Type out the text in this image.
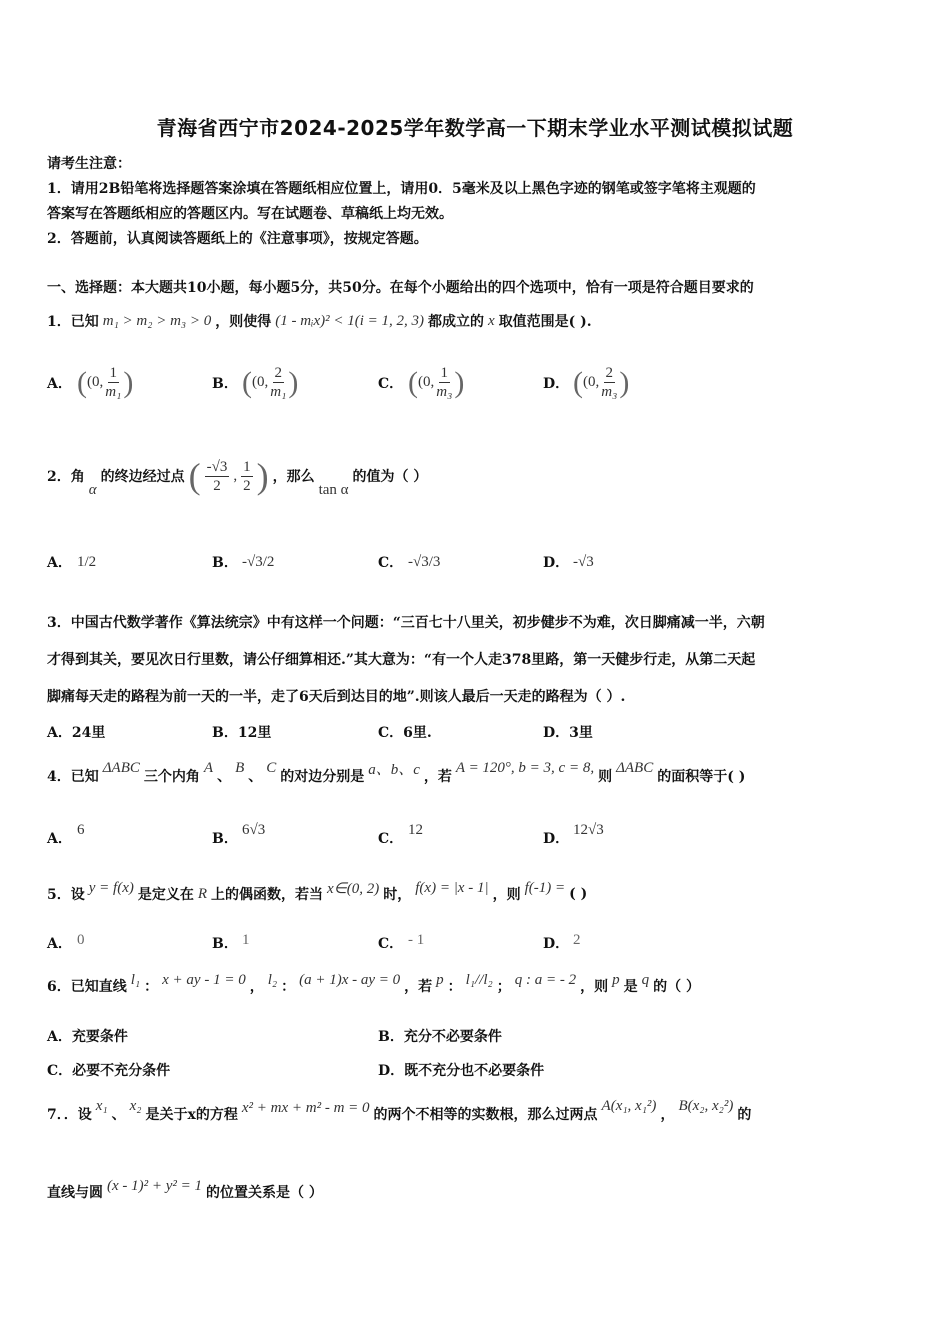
青海省西宁市2024-2025学年数学高一下期末学业水平测试模拟试题
请考生注意：
1．请用2B铅笔将选择题答案涂填在答题纸相应位置上，请用0．5毫米及以上黑色字迹的钢笔或签字笔将主观题的
答案写在答题纸相应的答题区内。写在试题卷、草稿纸上均无效。
2．答题前，认真阅读答题纸上的《注意事项》，按规定答题。
一、选择题：本大题共10小题，每小题5分，共50分。在每个小题给出的四个选项中，恰有一项是符合题目要求的
1．已知 m₁ > m₂ > m₃ > 0 ，则使得 (1 - mᵢx)² < 1(i = 1, 2, 3) 都成立的 x 取值范围是( ).
A． ( (0, $\frac{1}{\text{m₁}}$ )	B． ( (0, $\frac{2}{\text{m₁}}$ )	C． ( (0, $\frac{1}{\text{m₃}}$ )	D． ( (0, $\frac{2}{\text{m₃}}$ )
2．角
α
的终边经过点 ( $\frac{-√3}{2}$ , $\frac{1}{2}$ ) ，那么
tan α
的值为（ ）
A． 1/2	B． -√3/2	C． -√3/3	D． -√3
3．中国古代数学著作《算法统宗》中有这样一个问题：“三百七十八里关，初步健步不为难，次日脚痛减一半，六朝
才得到其关，要见次日行里数，请公仔细算相还.”其大意为：“有一个人走378里路，第一天健步行走，从第二天起
脚痛每天走的路程为前一天的一半，走了6天后到达目的地”.则该人最后一天走的路程为（ ）.
A．24里	B．12里	C．6里.	D．3里
4．已知
ΔABC
三个内角
A
、
B
、
C
的对边分别是 a、b、c ，若
A = 120°, b = 3, c = 8,
则
ΔABC
的面积等于( )
A．
6
B．
6√3
C．
12
D．
12√3
5．设 y = f(x) 是定义在 R 上的偶函数，若当 x∈(0, 2) 时， f(x) = |x - 1| ，则 f(-1) = ( )
A． 0	B． 1	C． - 1	D． 2
6．已知直线 l₁ ： x + ay - 1 = 0 ， l₂ ： (a + 1)x - ay = 0 ，若 p ： l₁//l₂ ； q : a = - 2 ，则 p 是 q 的（ ）
A．充要条件	B．充分不必要条件
C．必要不充分条件	D．既不充分也不必要条件
7．．设
x₁
、
x₂
是关于x的方程 x² + mx + m² - m = 0 的两个不相等的实数根，那么过两点
A(x₁, x₁²)
，
B(x₂, x₂²)
的
直线与圆 (x - 1)² + y² = 1 的位置关系是（ ）
